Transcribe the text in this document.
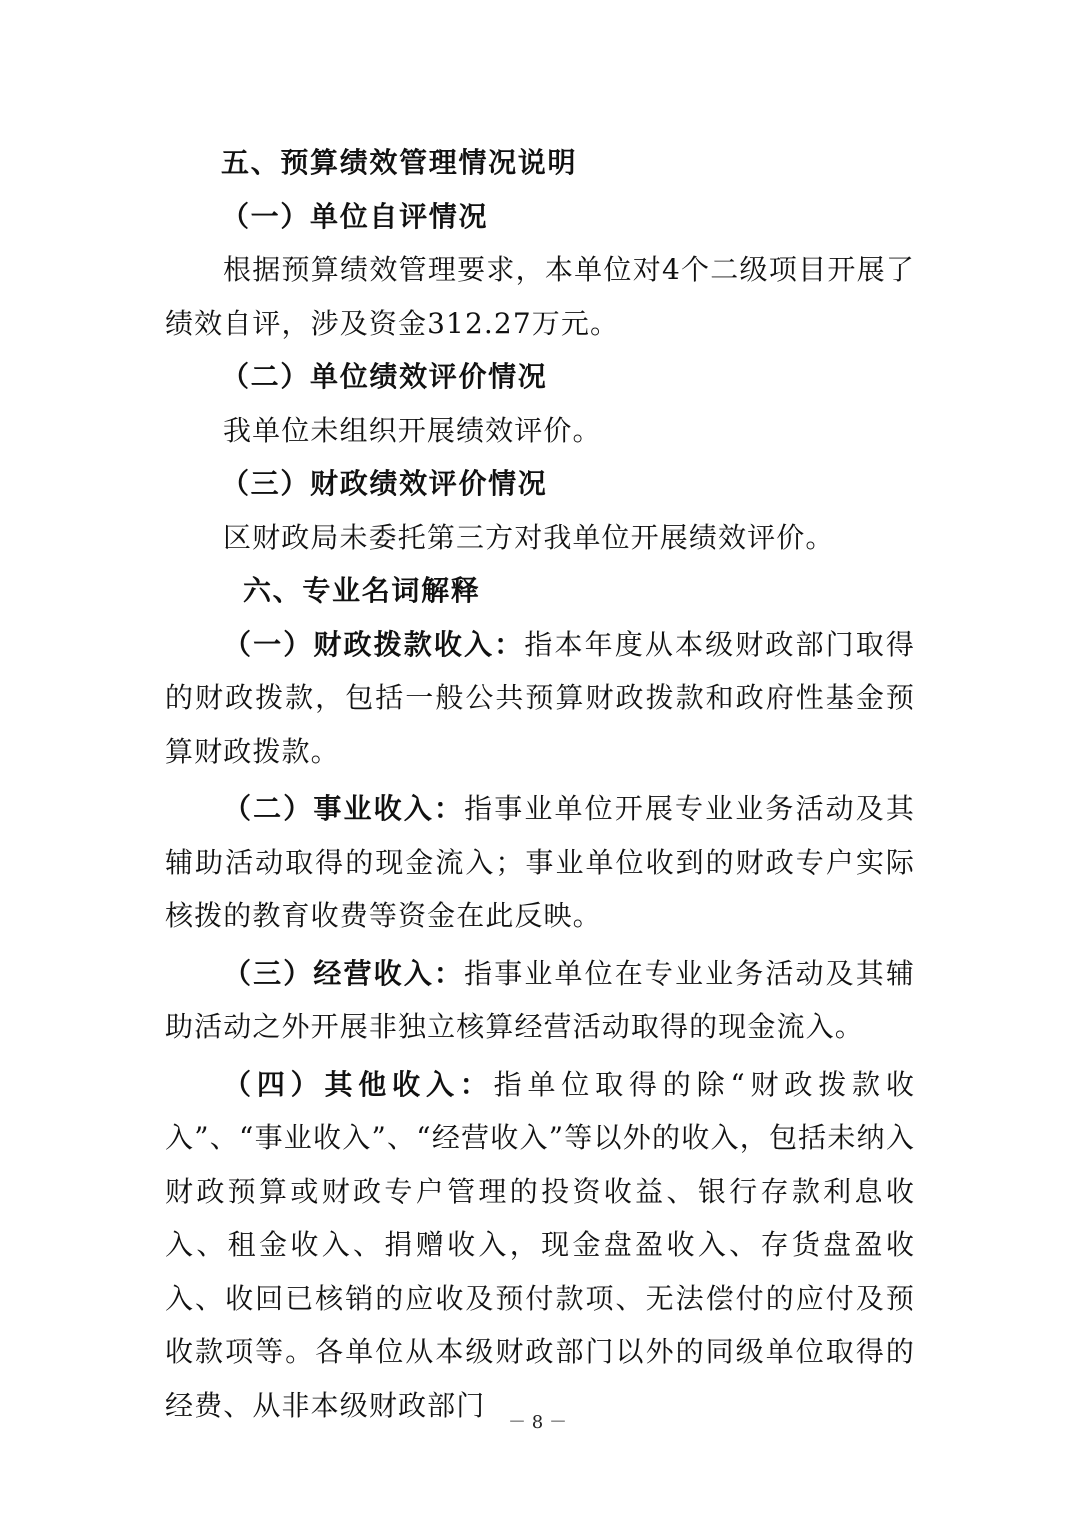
五、预算绩效管理情况说明
（一）单位自评情况
根据预算绩效管理要求，本单位对4个二级项目开展了绩效自评，涉及资金312.27万元。
（二）单位绩效评价情况
我单位未组织开展绩效评价。
（三）财政绩效评价情况
区财政局未委托第三方对我单位开展绩效评价。
六、专业名词解释
（一）财政拨款收入：指本年度从本级财政部门取得的财政拨款，包括一般公共预算财政拨款和政府性基金预算财政拨款。
（二）事业收入：指事业单位开展专业业务活动及其辅助活动取得的现金流入；事业单位收到的财政专户实际核拨的教育收费等资金在此反映。
（三）经营收入：指事业单位在专业业务活动及其辅助活动之外开展非独立核算经营活动取得的现金流入。
（四）其他收入：指单位取得的除“财政拨款收入”、“事业收入”、“经营收入”等以外的收入，包括未纳入财政预算或财政专户管理的投资收益、银行存款利息收入、租金收入、捐赠收入，现金盘盈收入、存货盘盈收入、收回已核销的应收及预付款项、无法偿付的应付及预收款项等。各单位从本级财政部门以外的同级单位取得的经费、从非本级财政部门
－ 8 －
